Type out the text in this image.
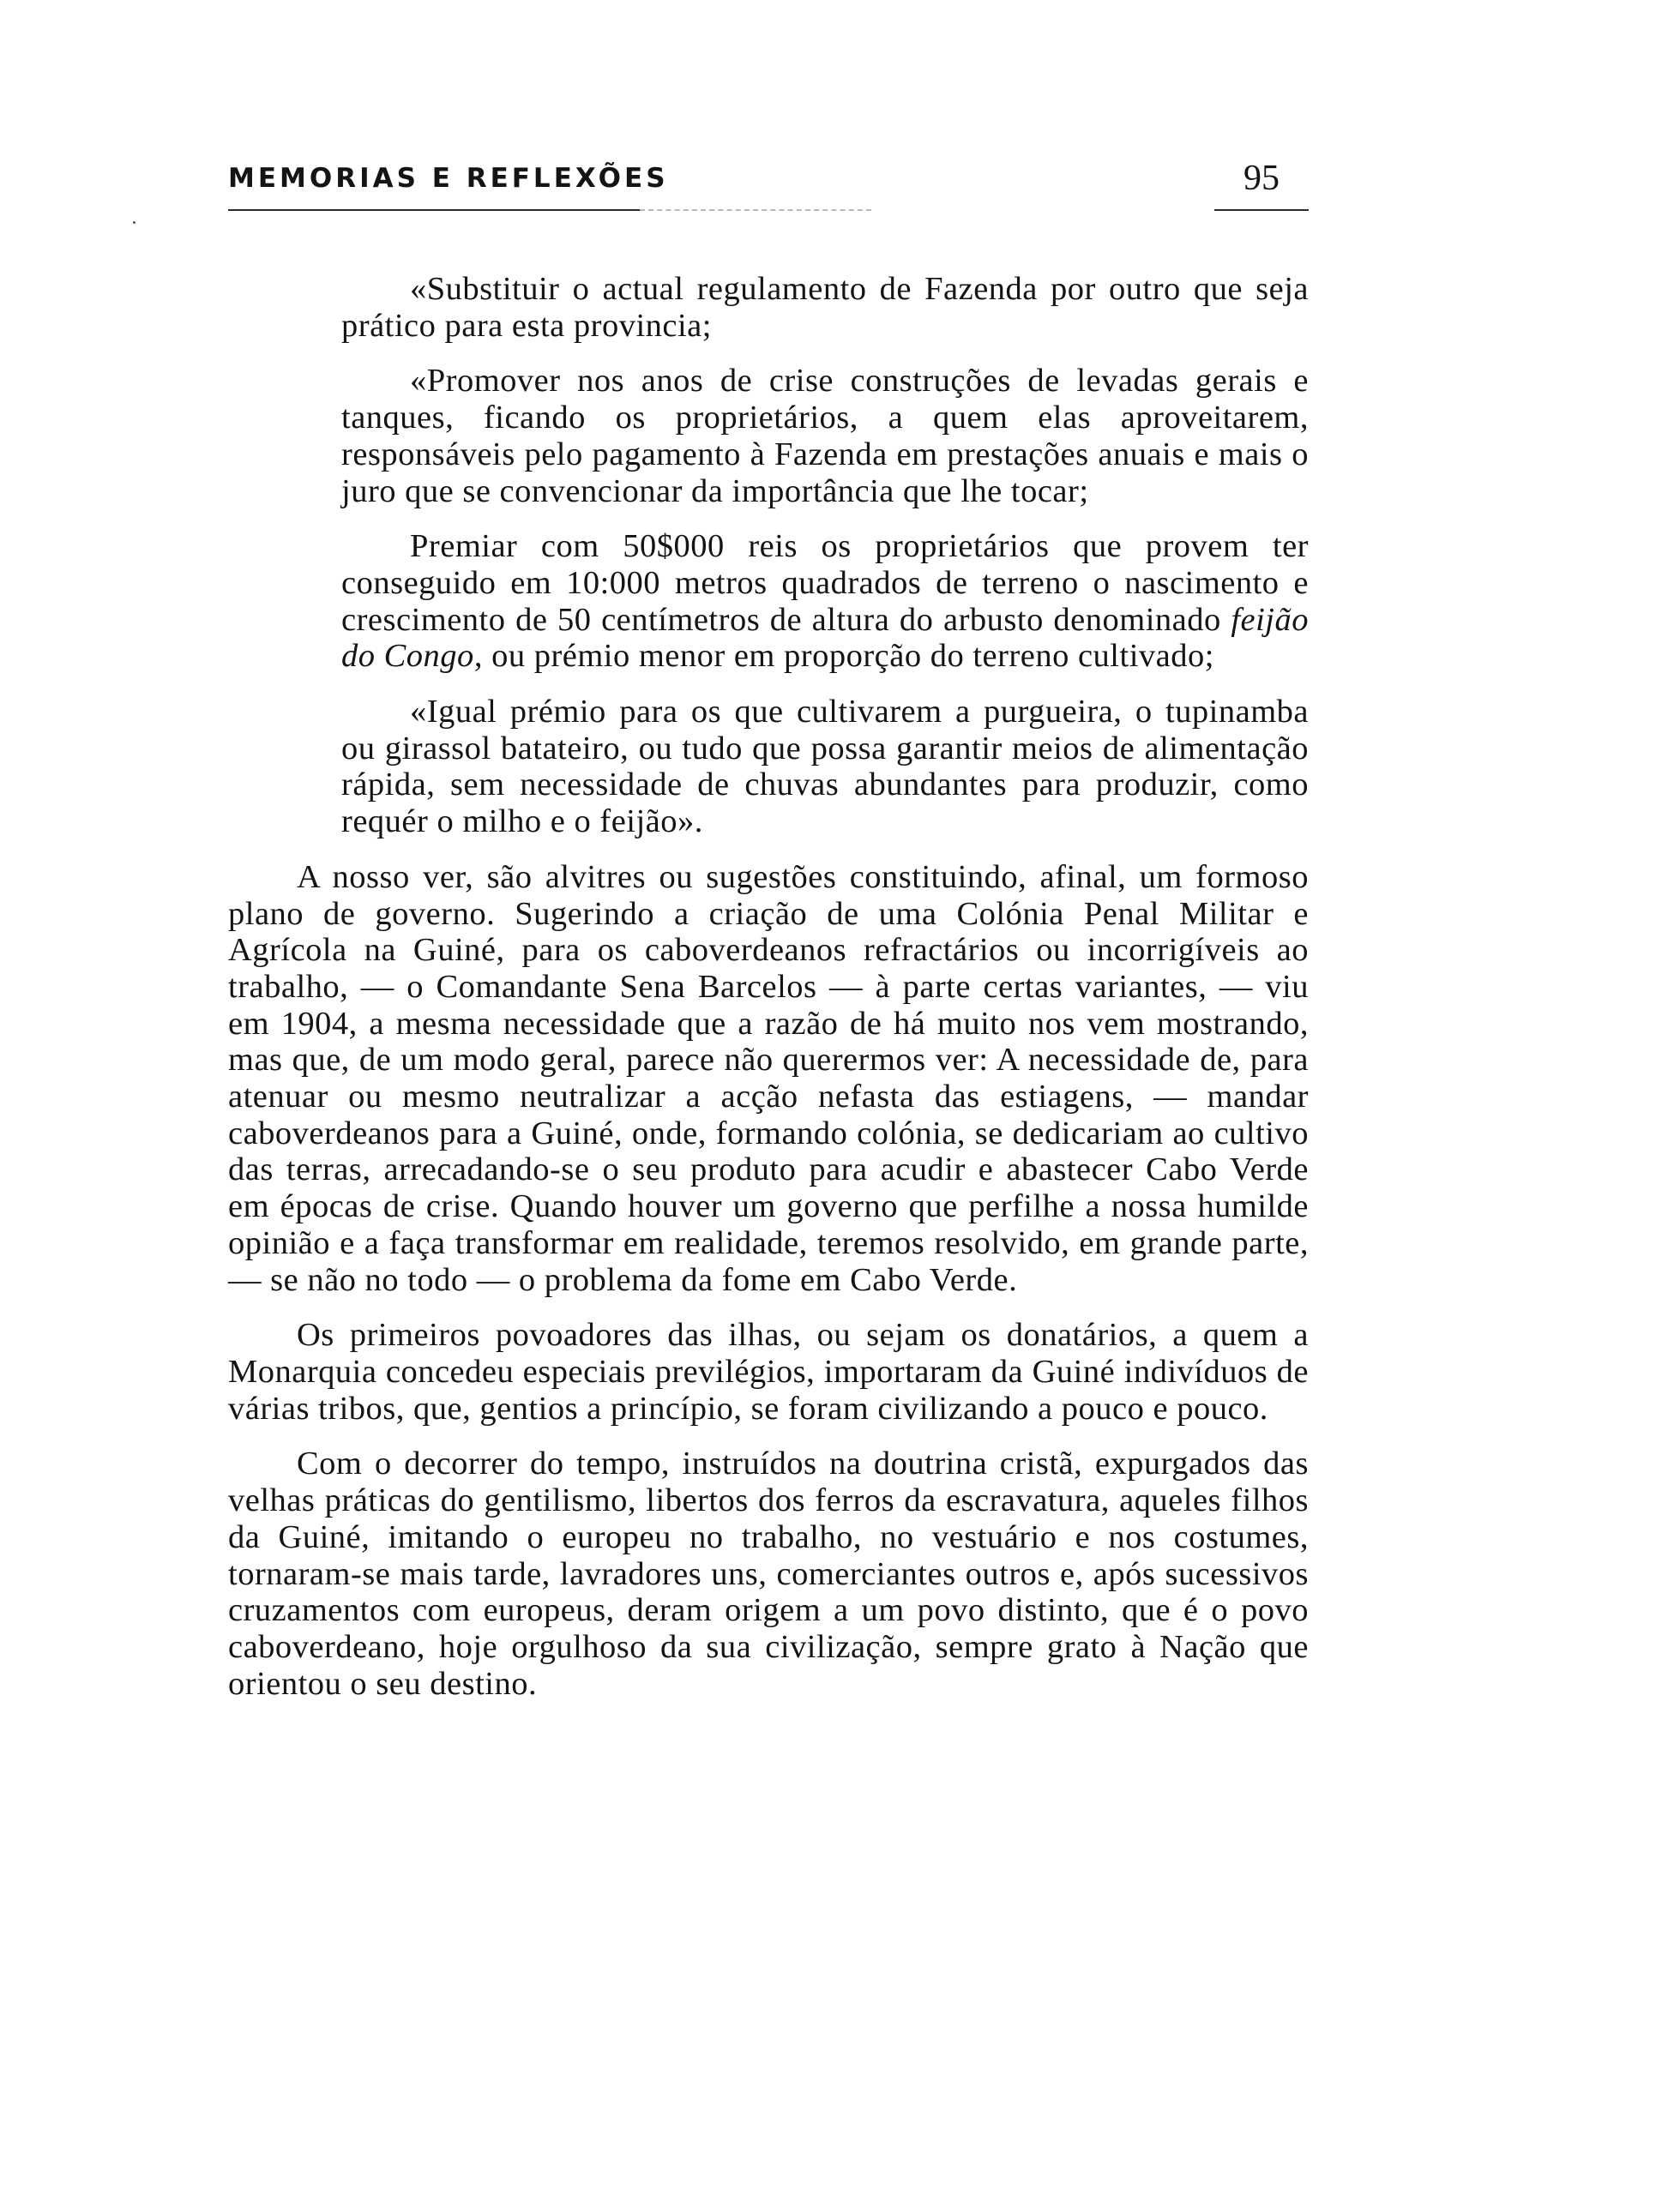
MEMORIAS E REFLEXÕES	95

«Substituir o actual regulamento de Fazenda por outro que seja prático para esta provincia;

«Promover nos anos de crise construções de levadas gerais e tanques, ficando os proprietários, a quem elas aproveitarem, responsáveis pelo pagamento à Fazenda em prestações anuais e mais o juro que se convencionar da importância que lhe tocar;

Premiar com 50$000 reis os proprietários que provem ter conseguido em 10:000 metros quadrados de terreno o nascimento e crescimento de 50 centímetros de altura do arbusto denominado feijão do Congo, ou prémio menor em proporção do terreno cultivado;

«Igual prémio para os que cultivarem a purgueira, o tupinamba ou girassol batateiro, ou tudo que possa garantir meios de alimentação rápida, sem necessidade de chuvas abundantes para produzir, como requér o milho e o feijão».

A nosso ver, são alvitres ou sugestões constituindo, afinal, um formoso plano de governo. Sugerindo a criação de uma Colónia Penal Militar e Agrícola na Guiné, para os caboverdeanos refractários ou incorrigíveis ao trabalho, — o Comandante Sena Barcelos — à parte certas variantes, — viu em 1904, a mesma necessidade que a razão de há muito nos vem mostrando, mas que, de um modo geral, parece não querermos ver: A necessidade de, para atenuar ou mesmo neutralizar a acção nefasta das estiagens, — mandar caboverdeanos para a Guiné, onde, formando colónia, se dedicariam ao cultivo das terras, arrecadando-se o seu produto para acudir e abastecer Cabo Verde em épocas de crise. Quando houver um governo que perfilhe a nossa humilde opinião e a faça transformar em realidade, teremos resolvido, em grande parte, — se não no todo — o problema da fome em Cabo Verde.

Os primeiros povoadores das ilhas, ou sejam os donatários, a quem a Monarquia concedeu especiais previlégios, importaram da Guiné indivíduos de várias tribos, que, gentios a princípio, se foram civilizando a pouco e pouco.

Com o decorrer do tempo, instruídos na doutrina cristã, expurgados das velhas práticas do gentilismo, libertos dos ferros da escravatura, aqueles filhos da Guiné, imitando o europeu no trabalho, no vestuário e nos costumes, tornaram-se mais tarde, lavradores uns, comerciantes outros e, após sucessivos cruzamentos com europeus, deram origem a um povo distinto, que é o povo caboverdeano, hoje orgulhoso da sua civilização, sempre grato à Nação que orientou o seu destino.
